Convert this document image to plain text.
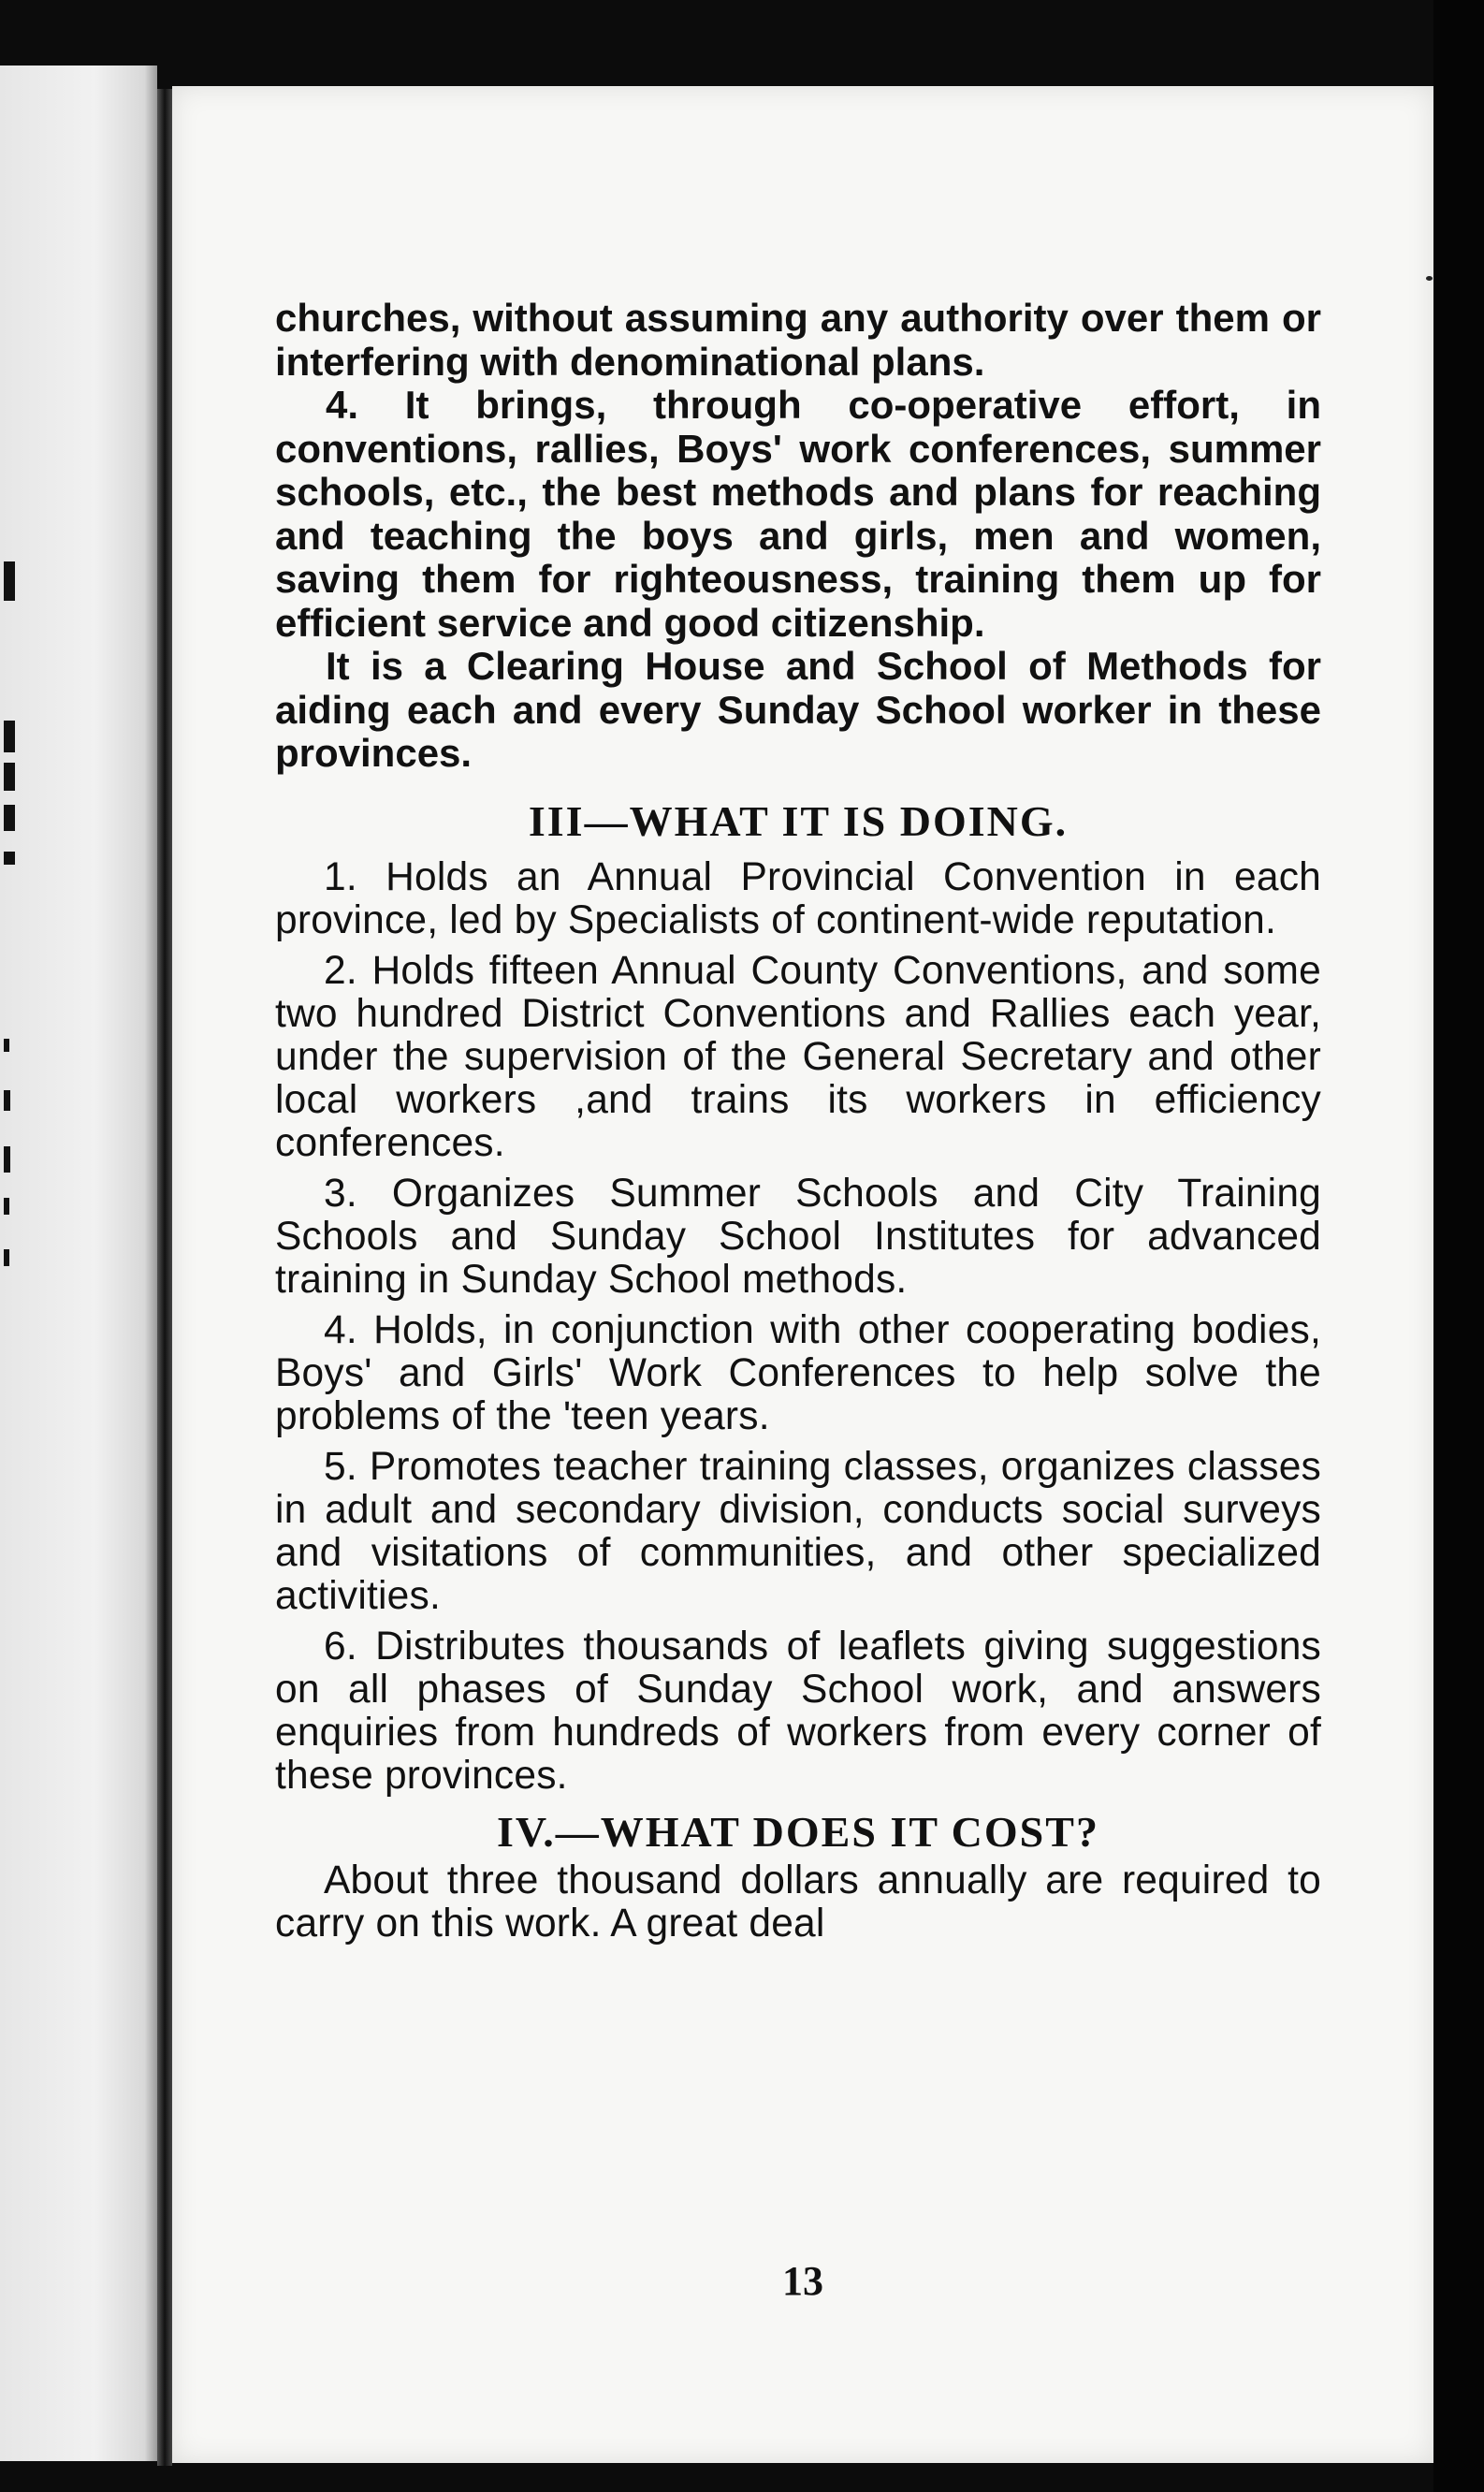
churches, without assuming any authority over them or interfering with denominational plans.

4. It brings, through co-operative effort, in conventions, rallies, Boys' work conferences, summer schools, etc., the best methods and plans for reaching and teaching the boys and girls, men and women, saving them for righteousness, training them up for efficient service and good citizenship.

It is a Clearing House and School of Methods for aiding each and every Sunday School worker in these provinces.

III—WHAT IT IS DOING.

1. Holds an Annual Provincial Convention in each province, led by Specialists of continent-wide reputation.

2. Holds fifteen Annual County Conventions, and some two hundred District Conventions and Rallies each year, under the supervision of the General Secretary and other local workers ,and trains its workers in efficiency conferences.

3. Organizes Summer Schools and City Training Schools and Sunday School Institutes for advanced training in Sunday School methods.

4. Holds, in conjunction with other cooperating bodies, Boys' and Girls' Work Conferences to help solve the problems of the 'teen years.

5. Promotes teacher training classes, organizes classes in adult and secondary division, conducts social surveys and visitations of communities, and other specialized activities.

6. Distributes thousands of leaflets giving suggestions on all phases of Sunday School work, and answers enquiries from hundreds of workers from every corner of these provinces.

IV.—WHAT DOES IT COST?

About three thousand dollars annually are required to carry on this work. A great deal

13
